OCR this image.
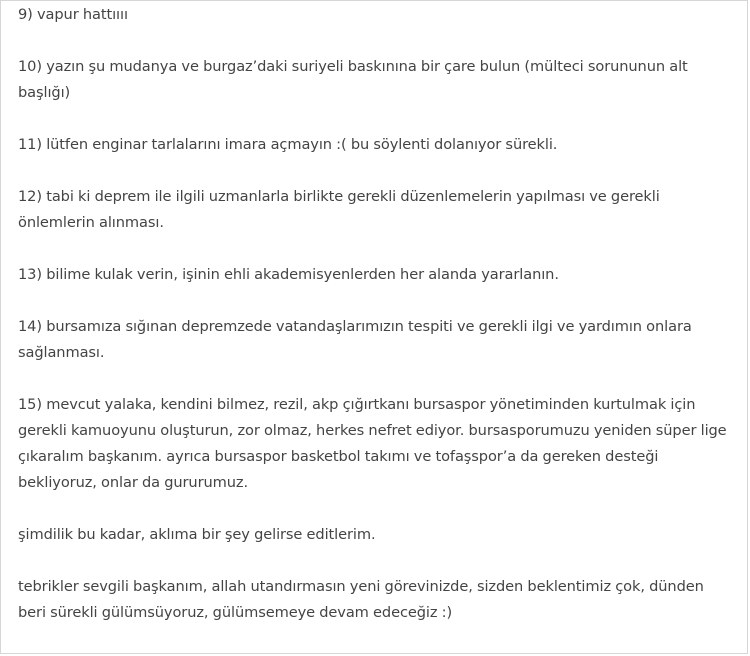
9) vapur hattıııı

10) yazın şu mudanya ve burgaz’daki suriyeli baskınına bir çare bulun (mülteci sorununun alt başlığı)

11) lütfen enginar tarlalarını imara açmayın :( bu söylenti dolanıyor sürekli.

12) tabi ki deprem ile ilgili uzmanlarla birlikte gerekli düzenlemelerin yapılması ve gerekli önlemlerin alınması.

13) bilime kulak verin, işinin ehli akademisyenlerden her alanda yararlanın.

14) bursamıza sığınan depremzede vatandaşlarımızın tespiti ve gerekli ilgi ve yardımın onlara sağlanması.

15) mevcut yalaka, kendini bilmez, rezil, akp çığırtkanı bursaspor yönetiminden kurtulmak için gerekli kamuoyunu oluşturun, zor olmaz, herkes nefret ediyor. bursasporumuzu yeniden süper lige çıkaralım başkanım. ayrıca bursaspor basketbol takımı ve tofaşspor’a da gereken desteği bekliyoruz, onlar da gururumuz.

şimdilik bu kadar, aklıma bir şey gelirse editlerim.

tebrikler sevgili başkanım, allah utandırmasın yeni görevinizde, sizden beklentimiz çok, dünden beri sürekli gülümsüyoruz, gülümsemeye devam edeceğiz :)
